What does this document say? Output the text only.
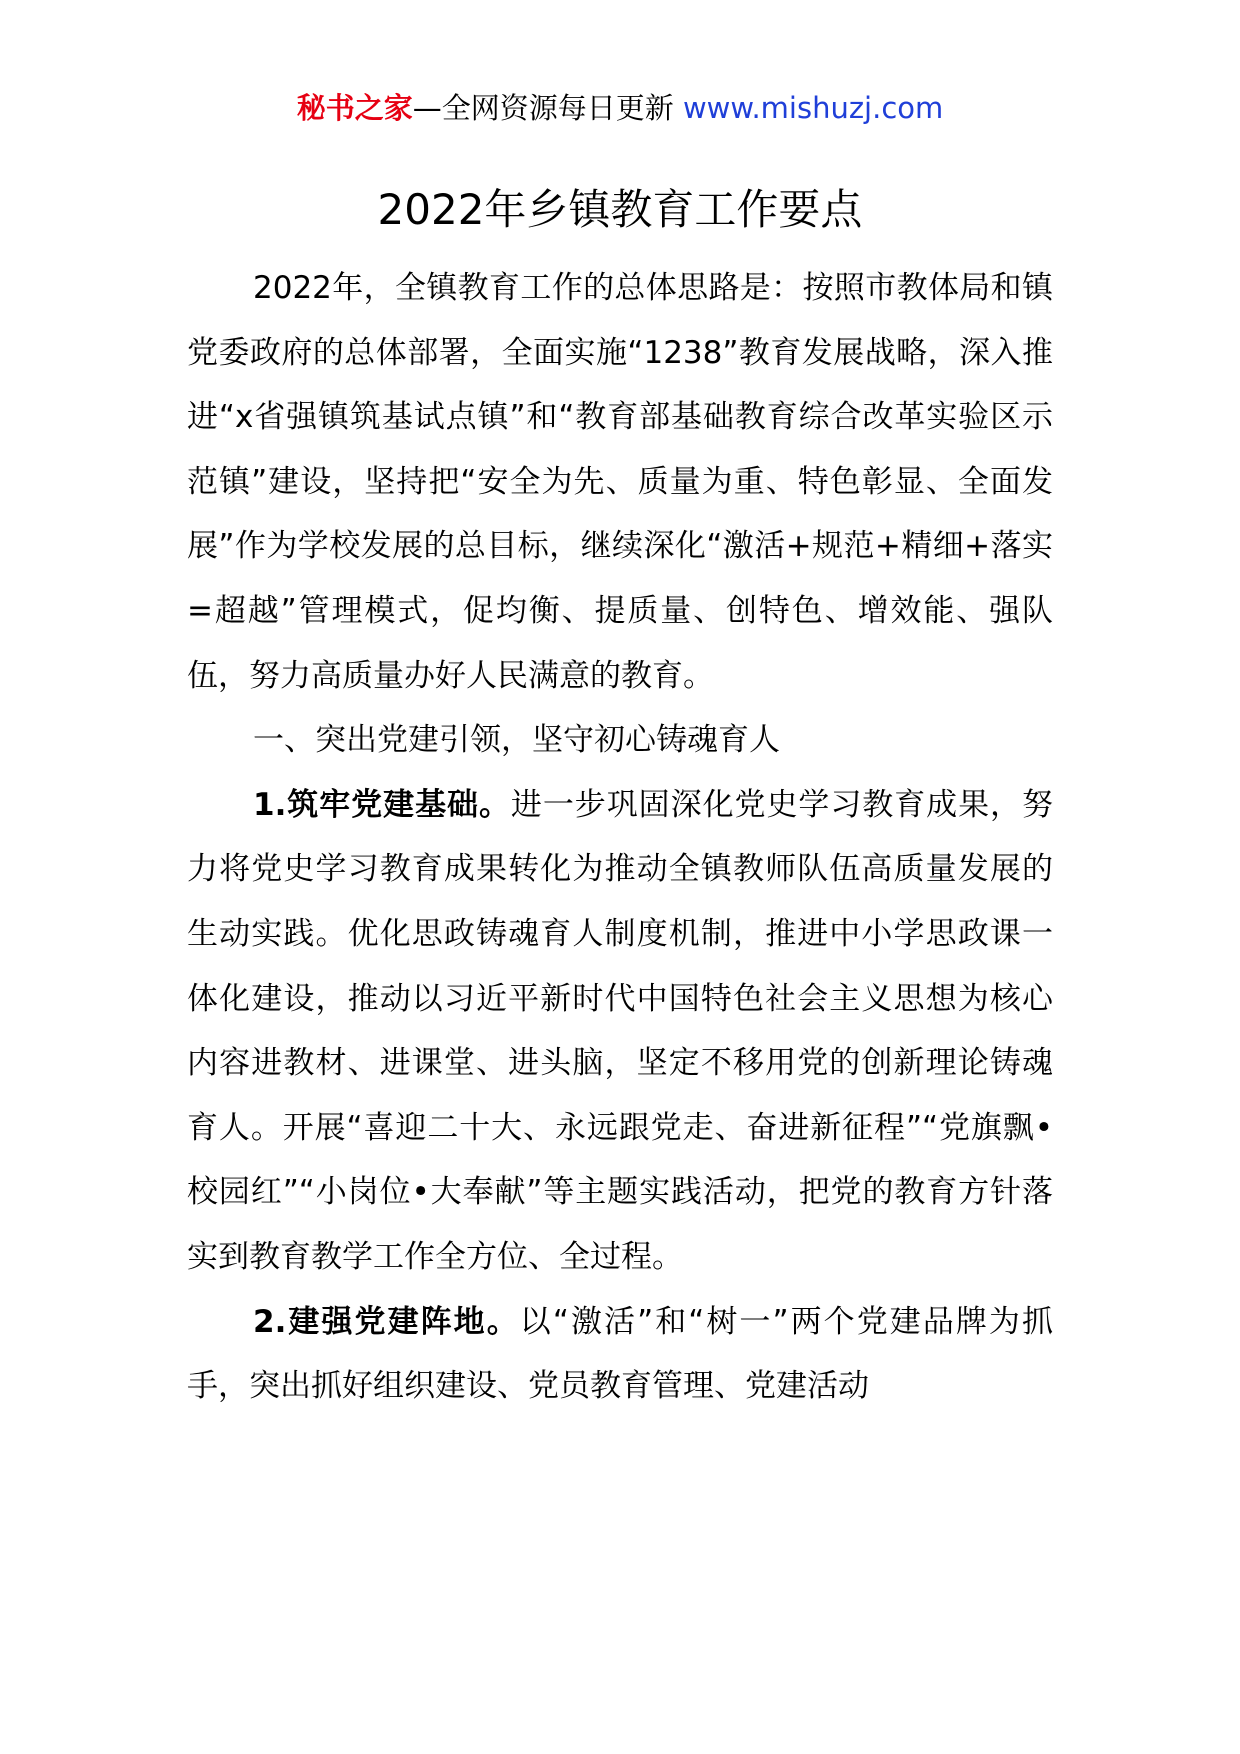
秘书之家—全网资源每日更新 www.mishuzj.com
2022年乡镇教育工作要点

2022年，全镇教育工作的总体思路是：按照市教体局和镇党委政府的总体部署，全面实施“1238”教育发展战略，深入推进“x省强镇筑基试点镇”和“教育部基础教育综合改革实验区示范镇”建设，坚持把“安全为先、质量为重、特色彰显、全面发展”作为学校发展的总目标，继续深化“激活+规范+精细+落实=超越”管理模式，促均衡、提质量、创特色、增效能、强队伍，努力高质量办好人民满意的教育。

一、突出党建引领，坚守初心铸魂育人

1.筑牢党建基础。进一步巩固深化党史学习教育成果，努力将党史学习教育成果转化为推动全镇教师队伍高质量发展的生动实践。优化思政铸魂育人制度机制，推进中小学思政课一体化建设，推动以习近平新时代中国特色社会主义思想为核心内容进教材、进课堂、进头脑，坚定不移用党的创新理论铸魂育人。开展“喜迎二十大、永远跟党走、奋进新征程”“党旗飘•校园红”“小岗位•大奉献”等主题实践活动，把党的教育方针落实到教育教学工作全方位、全过程。

2.建强党建阵地。以“激活”和“树一”两个党建品牌为抓手，突出抓好组织建设、党员教育管理、党建活动
